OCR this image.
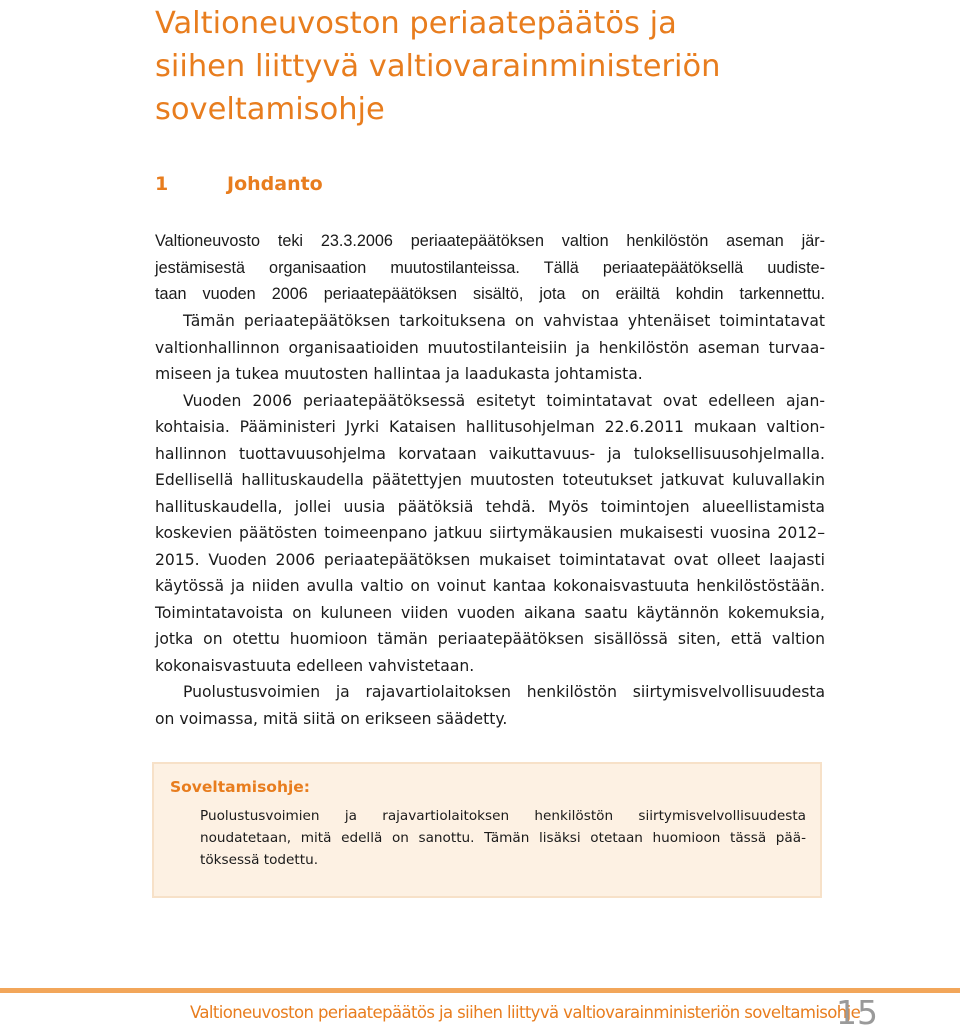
Valtioneuvoston periaatepäätös ja
siihen liittyvä valtiovarainministeriön
soveltamisohje
1	Johdanto

Valtioneuvosto teki 23.3.2006 periaatepäätöksen valtion henkilöstön aseman jär-
jestämisestä organisaation muutostilanteissa. Tällä periaatepäätöksellä uudiste-
taan vuoden 2006 periaatepäätöksen sisältö, jota on eräiltä kohdin tarkennettu.

Tämän periaatepäätöksen tarkoituksena on vahvistaa yhtenäiset toimintatavat
valtionhallinnon organisaatioiden muutostilanteisiin ja henkilöstön aseman turvaa-
miseen ja tukea muutosten hallintaa ja laadukasta johtamista.

Vuoden 2006 periaatepäätöksessä esitetyt toimintatavat ovat edelleen ajan-
kohtaisia. Pääministeri Jyrki Kataisen hallitusohjelman 22.6.2011 mukaan valtion-
hallinnon tuottavuusohjelma korvataan vaikuttavuus- ja tuloksellisuusohjelmalla.
Edellisellä hallituskaudella päätettyjen muutosten toteutukset jatkuvat kuluvallakin
hallituskaudella, jollei uusia päätöksiä tehdä. Myös toimintojen alueellistamista
koskevien päätösten toimeenpano jatkuu siirtymäkausien mukaisesti vuosina 2012–
2015. Vuoden 2006 periaatepäätöksen mukaiset toimintatavat ovat olleet laajasti
käytössä ja niiden avulla valtio on voinut kantaa kokonaisvastuuta henkilöstöstään.
Toimintatavoista on kuluneen viiden vuoden aikana saatu käytännön kokemuksia,
jotka on otettu huomioon tämän periaatepäätöksen sisällössä siten, että valtion
kokonaisvastuuta edelleen vahvistetaan.

Puolustusvoimien ja rajavartiolaitoksen henkilöstön siirtymisvelvollisuudesta
on voimassa, mitä siitä on erikseen säädetty.

Soveltamisohje:
Puolustusvoimien ja rajavartiolaitoksen henkilöstön siirtymisvelvollisuudesta
noudatetaan, mitä edellä on sanottu. Tämän lisäksi otetaan huomioon tässä pää-
töksessä todettu.
Valtioneuvoston periaatepäätös ja siihen liittyvä valtiovarainministeriön soveltamisohje
15
